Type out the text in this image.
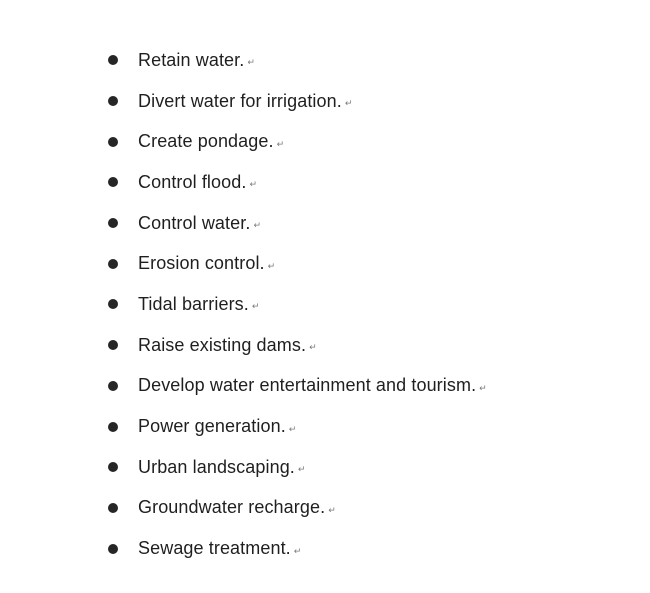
Retain water. ↵
Divert water for irrigation. ↵
Create pondage. ↵
Control flood. ↵
Control water. ↵
Erosion control. ↵
Tidal barriers. ↵
Raise existing dams. ↵
Develop water entertainment and tourism. ↵
Power generation. ↵
Urban landscaping. ↵
Groundwater recharge. ↵
Sewage treatment. ↵
